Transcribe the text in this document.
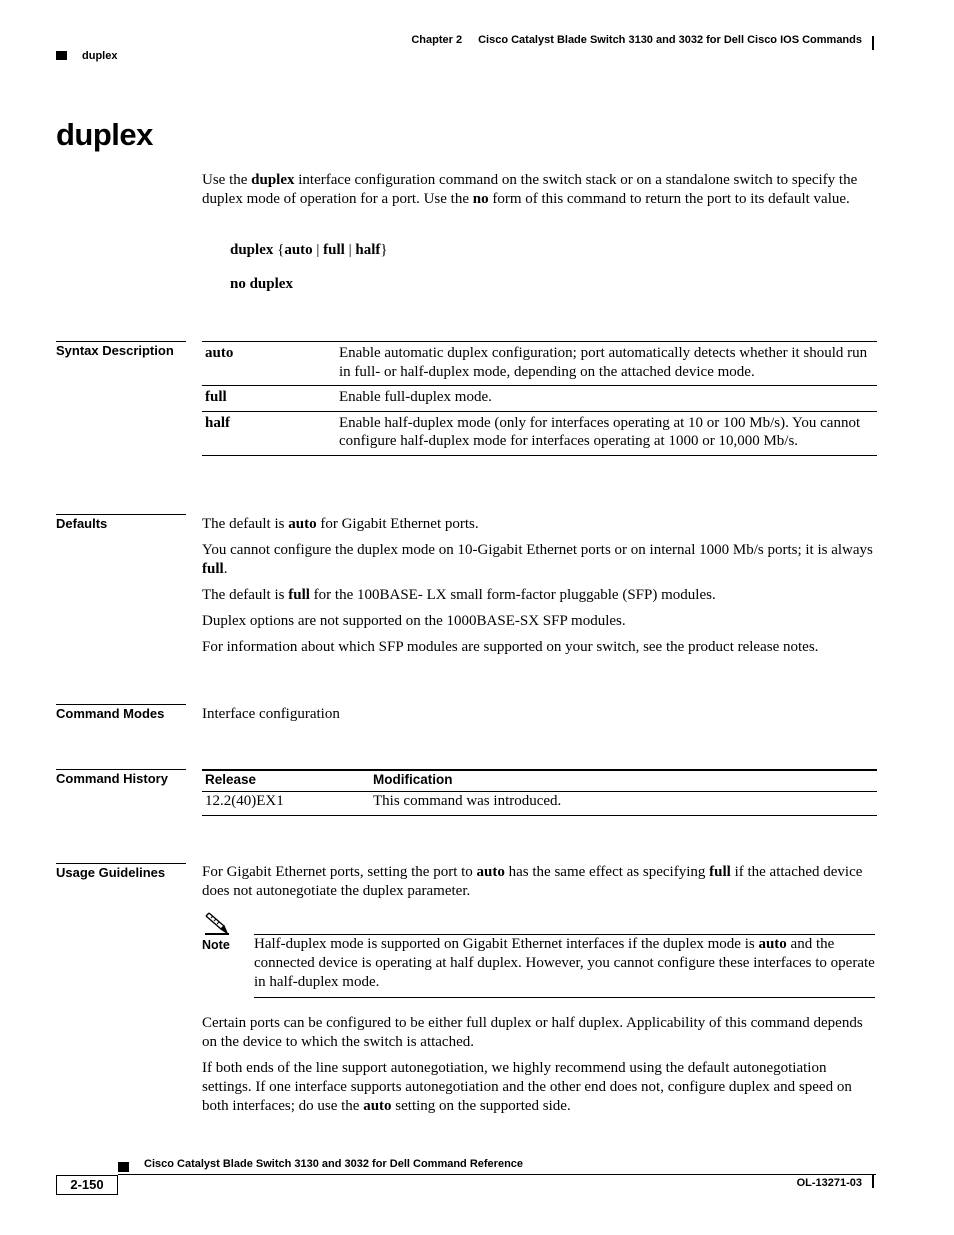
Chapter 2 Cisco Catalyst Blade Switch 3130 and 3032 for Dell Cisco IOS Commands
duplex
duplex
Use the duplex interface configuration command on the switch stack or on a standalone switch to specify the duplex mode of operation for a port. Use the no form of this command to return the port to its default value.
duplex {auto | full | half}
no duplex
Syntax Description auto	Enable automatic duplex configuration; port automatically detects whether it should run in full- or half-duplex mode, depending on the attached device mode.
full	Enable full-duplex mode.
half	Enable half-duplex mode (only for interfaces operating at 10 or 100 Mb/s). You cannot configure half-duplex mode for interfaces operating at 1000 or 10,000 Mb/s.
Defaults	The default is auto for Gigabit Ethernet ports.

You cannot configure the duplex mode on 10-Gigabit Ethernet ports or on internal 1000 Mb/s ports; it is always full.

The default is full for the 100BASE- LX small form-factor pluggable (SFP) modules.

Duplex options are not supported on the 1000BASE-SX SFP modules.

For information about which SFP modules are supported on your switch, see the product release notes.

Command Modes	Interface configuration
Command History	Release	Modification
12.2(40)EX1	This command was introduced.
Usage Guidelines For Gigabit Ethernet ports, setting the port to auto has the same effect as specifying full if the attached device does not autonegotiate the duplex parameter.
Note Half-duplex mode is supported on Gigabit Ethernet interfaces if the duplex mode is auto and the connected device is operating at half duplex. However, you cannot configure these interfaces to operate in half-duplex mode.

Certain ports can be configured to be either full duplex or half duplex. Applicability of this command depends on the device to which the switch is attached.

If both ends of the line support autonegotiation, we highly recommend using the default autonegotiation settings. If one interface supports autonegotiation and the other end does not, configure duplex and speed on both interfaces; do use the auto setting on the supported side.

Cisco Catalyst Blade Switch 3130 and 3032 for Dell Command Reference
2-150	OL-13271-03
